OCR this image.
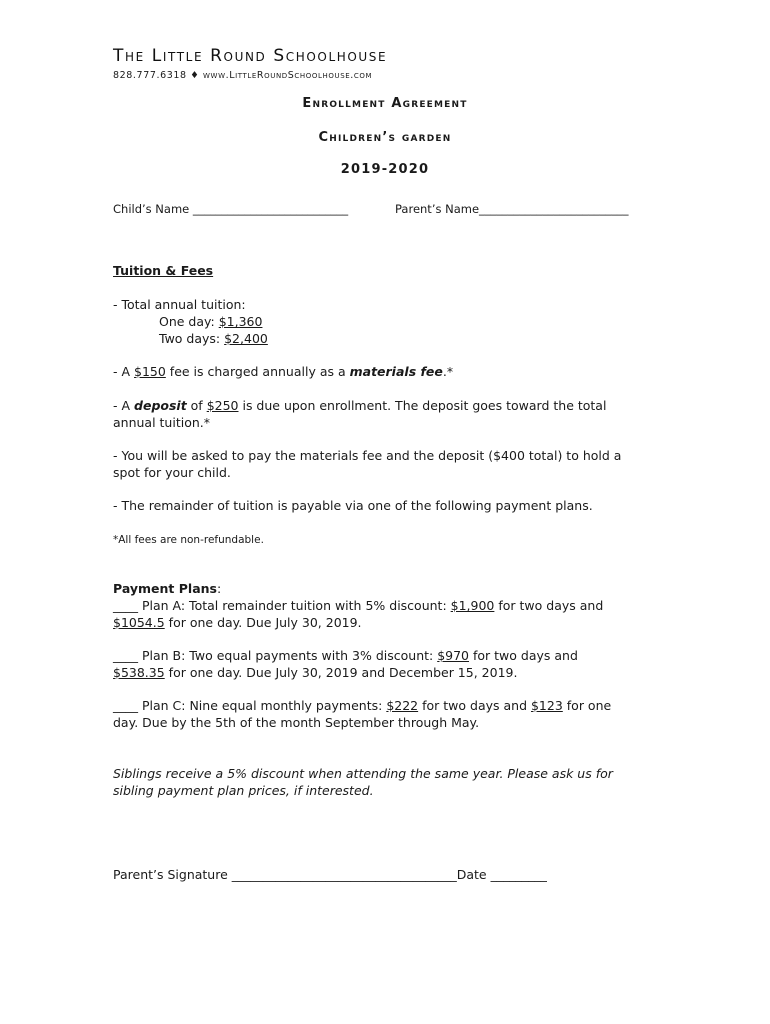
The Little Round Schoolhouse
828.777.6318 ♦ www.LittleRoundSchoolhouse.com
Enrollment Agreement
Children’s garden
2019-2020
Child’s Name ___________________________	Parent’s Name__________________________
Tuition & Fees
- Total annual tuition:
One day: $1,360
Two days: $2,400
- A $150 fee is charged annually as a materials fee.*
- A deposit of $250 is due upon enrollment. The deposit goes toward the total
annual tuition.*
- You will be asked to pay the materials fee and the deposit ($400 total) to hold a
spot for your child.
- The remainder of tuition is payable via one of the following payment plans.
*All fees are non-refundable.
Payment Plans:
____ Plan A: Total remainder tuition with 5% discount: $1,900 for two days and
$1054.5 for one day. Due July 30, 2019.
____ Plan B: Two equal payments with 3% discount: $970 for two days and
$538.35 for one day. Due July 30, 2019 and December 15, 2019.
____ Plan C: Nine equal monthly payments: $222 for two days and $123 for one
day. Due by the 5th of the month September through May.
Siblings receive a 5% discount when attending the same year. Please ask us for
sibling payment plan prices, if interested.
Parent’s Signature ____________________________________Date _________
